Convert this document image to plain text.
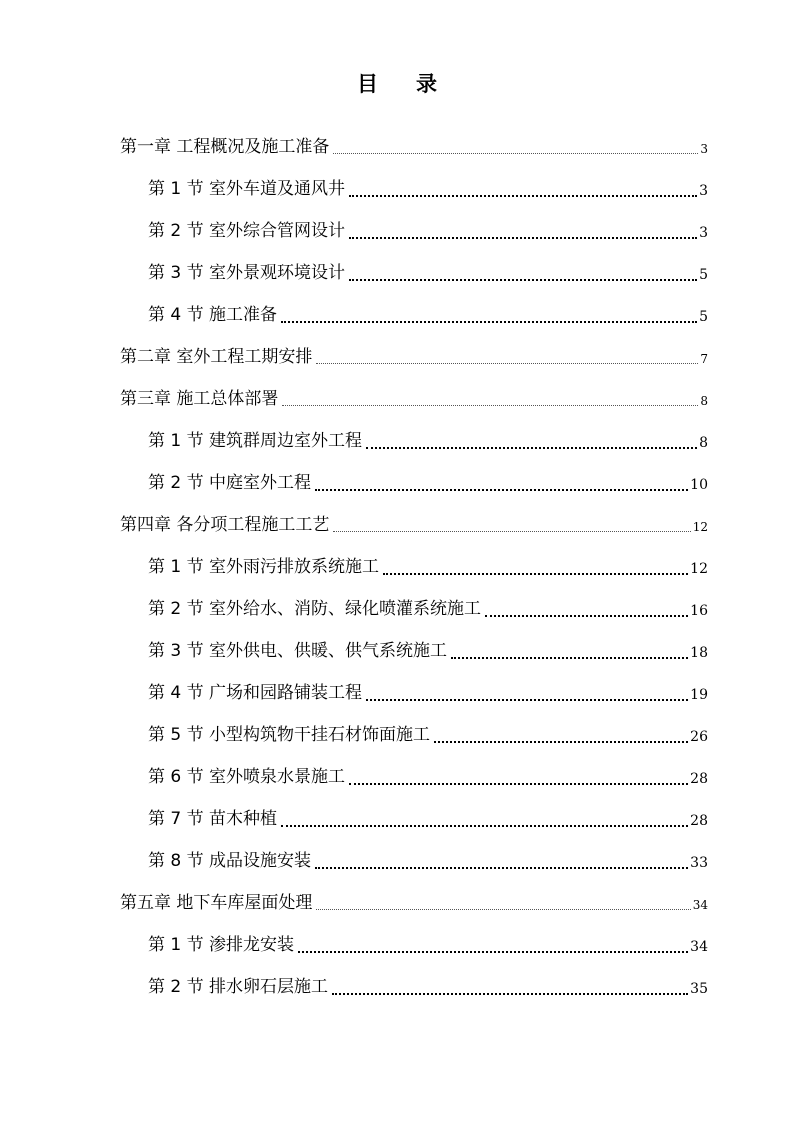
目 录
第一章 工程概况及施工准备	3
第 1 节 室外车道及通风井	3
第 2 节 室外综合管网设计	3
第 3 节 室外景观环境设计	5
第 4 节 施工准备	5
第二章 室外工程工期安排	7
第三章 施工总体部署	8
第 1 节 建筑群周边室外工程	8
第 2 节 中庭室外工程	10
第四章 各分项工程施工工艺	12
第 1 节 室外雨污排放系统施工	12
第 2 节 室外给水、消防、绿化喷灌系统施工	16
第 3 节 室外供电、供暖、供气系统施工	18
第 4 节 广场和园路铺装工程	19
第 5 节 小型构筑物干挂石材饰面施工	26
第 6 节 室外喷泉水景施工	28
第 7 节 苗木种植	28
第 8 节 成品设施安装	33
第五章 地下车库屋面处理	34
第 1 节 渗排龙安装	34
第 2 节 排水卵石层施工	35
